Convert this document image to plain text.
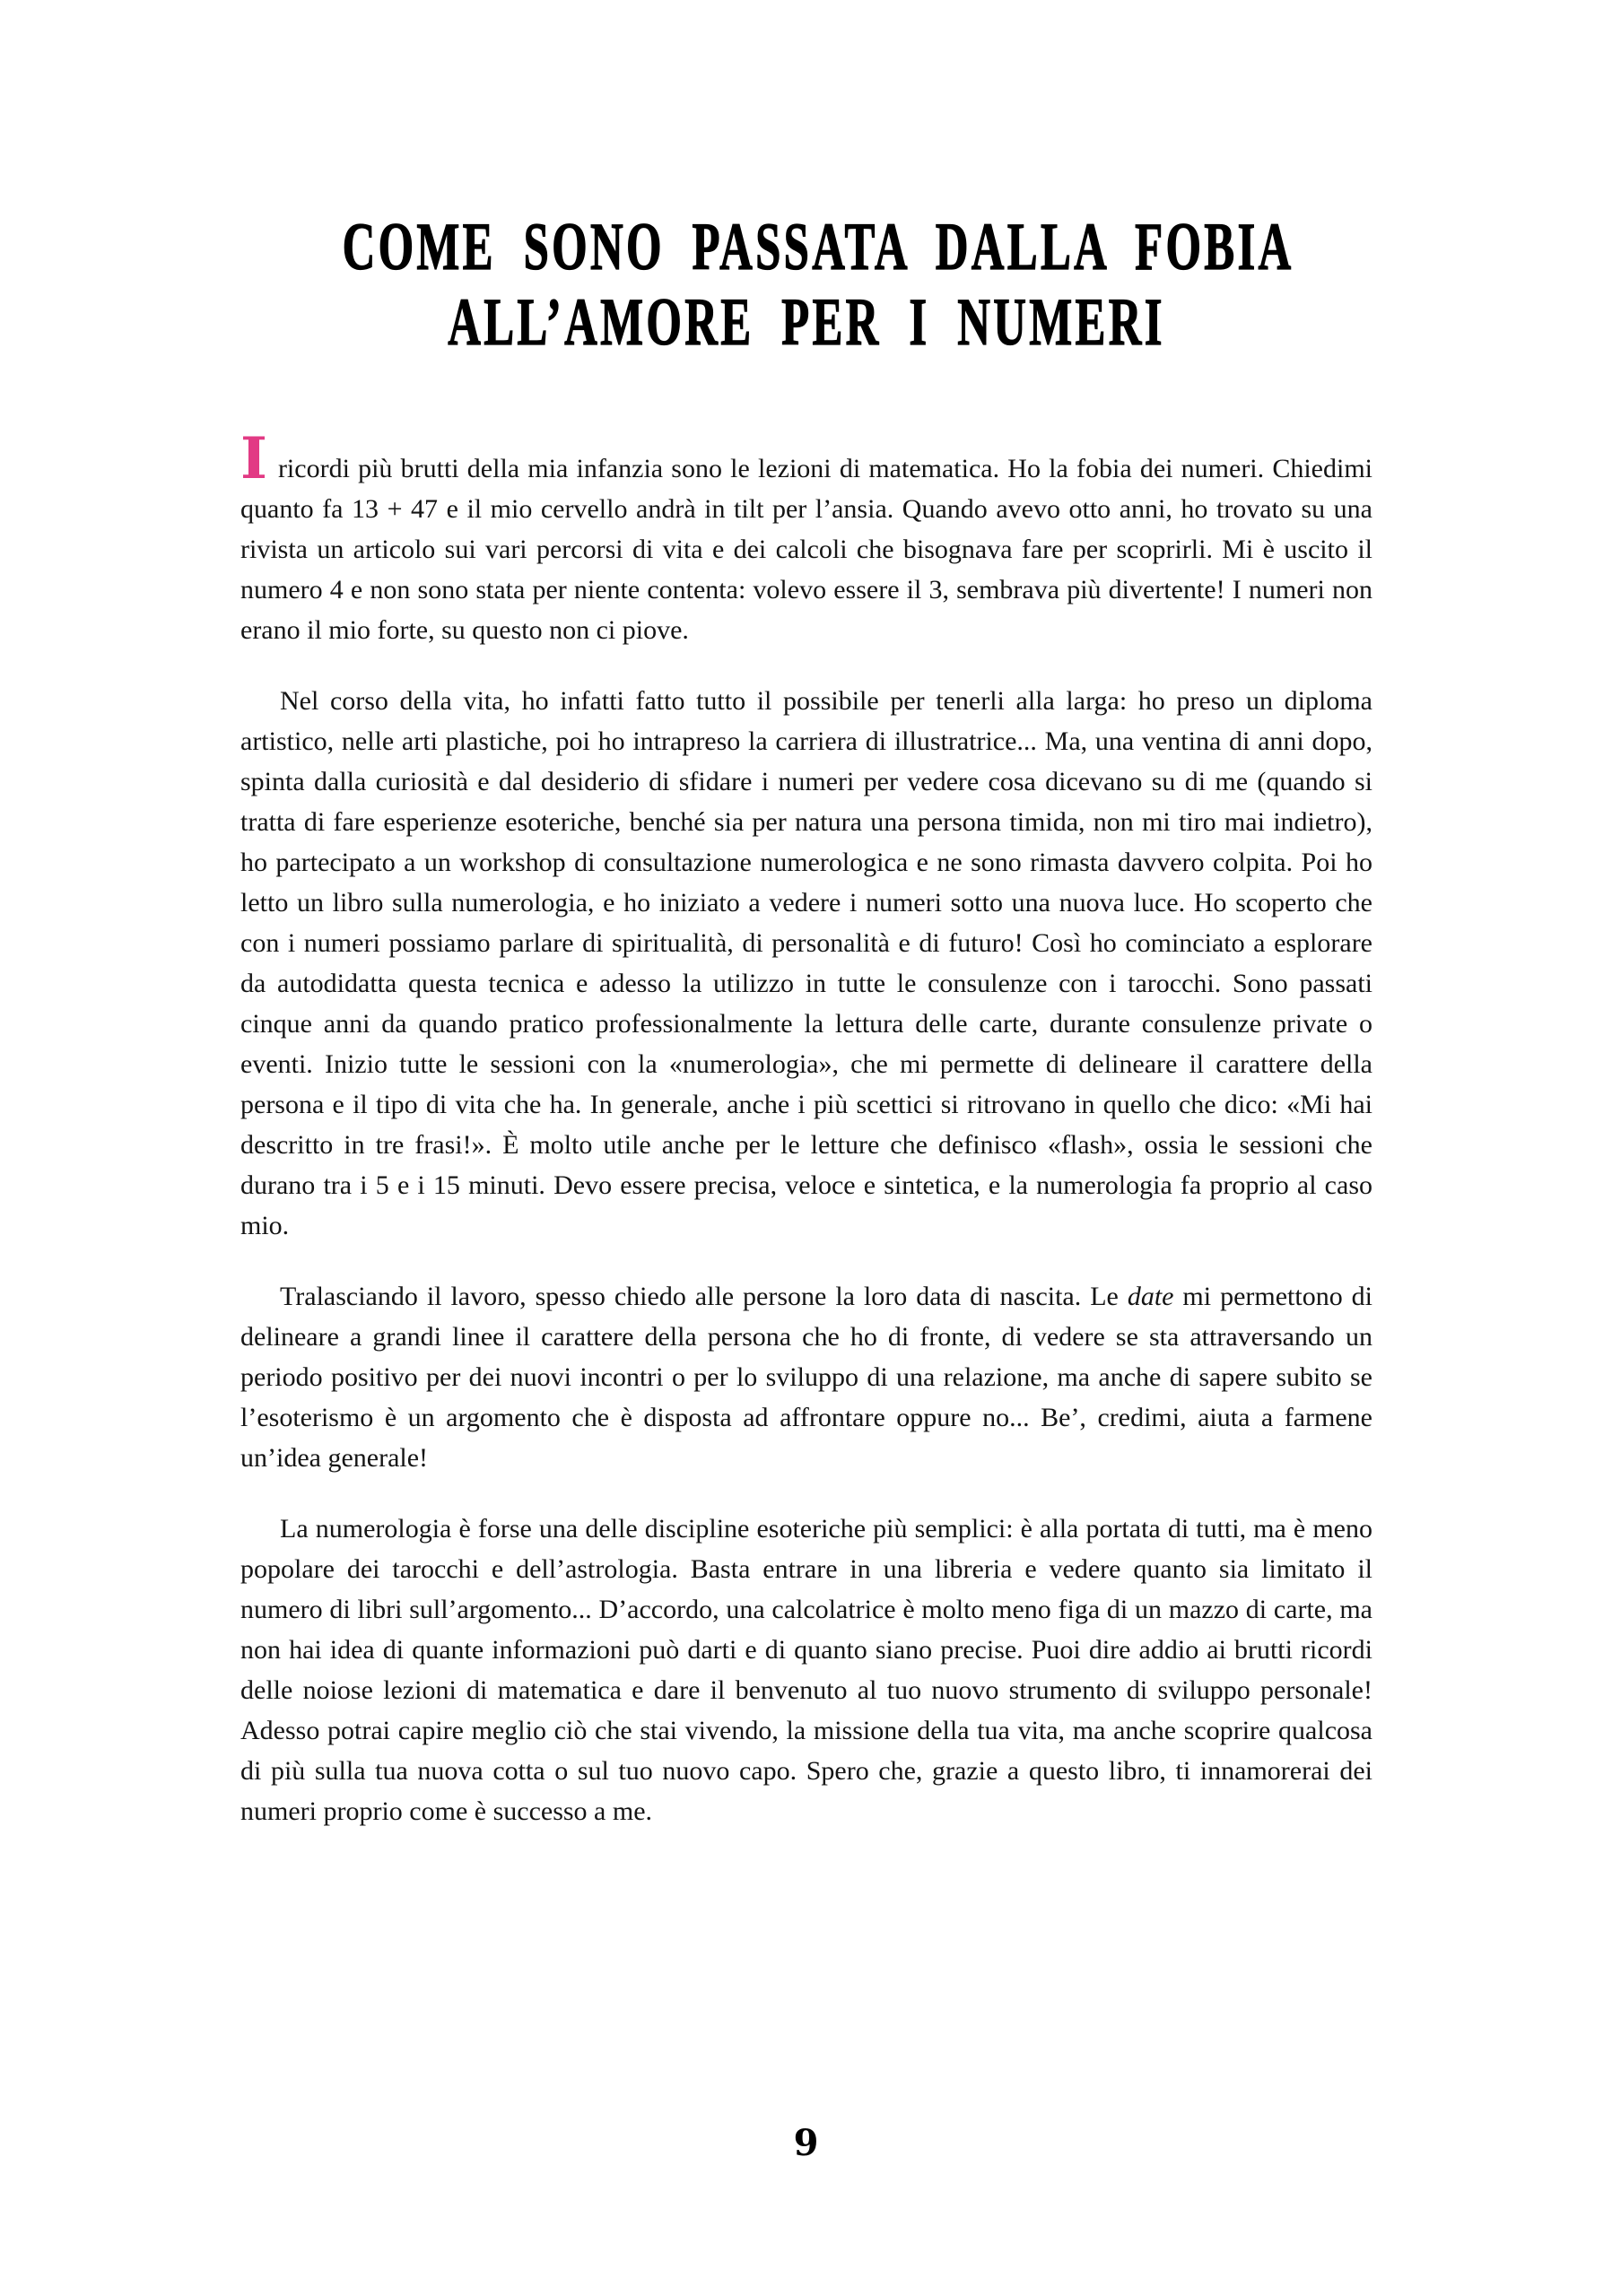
COME SONO PASSATA DALLA FOBIA
ALL’AMORE PER I NUMERI

Iricordi più brutti della mia infanzia sono le lezioni di matematica. Ho la fobia dei numeri. Chiedimi quanto fa 13 + 47 e il mio cervello andrà in tilt per l’ansia. Quando avevo otto anni, ho trovato su una rivista un articolo sui vari percorsi di vita e dei calcoli che bisognava fare per scoprirli. Mi è uscito il numero 4 e non sono stata per niente contenta: volevo essere il 3, sembrava più divertente! I numeri non erano il mio forte, su questo non ci piove.

Nel corso della vita, ho infatti fatto tutto il possibile per tenerli alla larga: ho preso un diploma artistico, nelle arti plastiche, poi ho intrapreso la carriera di illustratrice... Ma, una ventina di anni dopo, spinta dalla curiosità e dal desiderio di sfidare i numeri per vedere cosa dicevano su di me (quando si tratta di fare esperienze esoteriche, benché sia per natura una persona timida, non mi tiro mai indietro), ho partecipato a un workshop di consultazione numerologica e ne sono rimasta davvero colpita. Poi ho letto un libro sulla numerologia, e ho iniziato a vedere i numeri sotto una nuova luce. Ho scoperto che con i numeri possiamo parlare di spiritualità, di personalità e di futuro! Così ho cominciato a esplorare da autodidatta questa tecnica e adesso la utilizzo in tutte le consulenze con i tarocchi. Sono passati cinque anni da quando pratico professionalmente la lettura delle carte, durante consulenze private o eventi. Inizio tutte le sessioni con la «numerologia», che mi permette di delineare il carattere della persona e il tipo di vita che ha. In generale, anche i più scettici si ritrovano in quello che dico: «Mi hai descritto in tre frasi!». È molto utile anche per le letture che definisco «flash», ossia le sessioni che durano tra i 5 e i 15 minuti. Devo essere precisa, veloce e sintetica, e la numerologia fa proprio al caso mio.

Tralasciando il lavoro, spesso chiedo alle persone la loro data di nascita. Le date mi permettono di delineare a grandi linee il carattere della persona che ho di fronte, di vedere se sta attraversando un periodo positivo per dei nuovi incontri o per lo sviluppo di una relazione, ma anche di sapere subito se l’esoterismo è un argomento che è disposta ad affrontare oppure no... Be’, credimi, aiuta a farmene un’idea generale!

La numerologia è forse una delle discipline esoteriche più semplici: è alla portata di tutti, ma è meno popolare dei tarocchi e dell’astrologia. Basta entrare in una libreria e vedere quanto sia limitato il numero di libri sull’argomento... D’accordo, una calcolatrice è molto meno figa di un mazzo di carte, ma non hai idea di quante informazioni può darti e di quanto siano precise. Puoi dire addio ai brutti ricordi delle noiose lezioni di matematica e dare il benvenuto al tuo nuovo strumento di sviluppo personale! Adesso potrai capire meglio ciò che stai vivendo, la missione della tua vita, ma anche scoprire qualcosa di più sulla tua nuova cotta o sul tuo nuovo capo. Spero che, grazie a questo libro, ti innamorerai dei numeri proprio come è successo a me.

9
